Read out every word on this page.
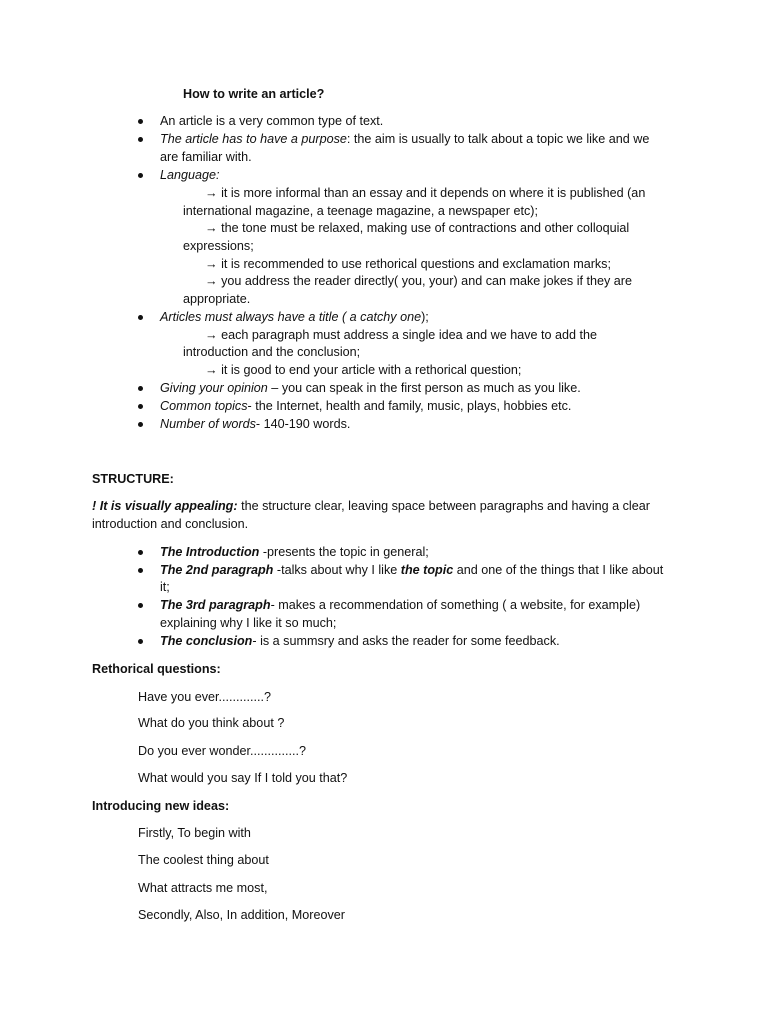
How to write an article?
An article is a very common type of text.
The article has to have a purpose: the aim is usually to talk about a topic we like and we
are familiar with.
Language:
→ it is more informal than an essay and it depends on where it is published (an
international magazine, a teenage magazine, a newspaper etc);
→ the tone must be relaxed, making use of contractions and other colloquial
expressions;
→ it is recommended to use rethorical questions and exclamation marks;
→ you address the reader directly( you, your) and can make jokes if they are
appropriate.
Articles must always have a title ( a catchy one);
→ each paragraph must address a single idea and we have to add the
introduction and the conclusion;
→ it is good to end your article with a rethorical question;
Giving your opinion – you can speak in the first person as much as you like.
Common topics- the Internet, health and family, music, plays, hobbies etc.
Number of words- 140-190 words.
STRUCTURE:
! It is visually appealing: the structure clear, leaving space between paragraphs and having a clear
introduction and conclusion.
The Introduction -presents the topic in general;
The 2nd paragraph -talks about why I like the topic and one of the things that I like about
it;
The 3rd paragraph- makes a recommendation of something ( a website, for example)
explaining why I like it so much;
The conclusion- is a summsry and asks the reader for some feedback.
Rethorical questions:
Have you ever.............?
What do you think about ?
Do you ever wonder..............?
What would you say If I told you that?
Introducing new ideas:
Firstly, To begin with
The coolest thing about
What attracts me most,
Secondly, Also, In addition, Moreover
